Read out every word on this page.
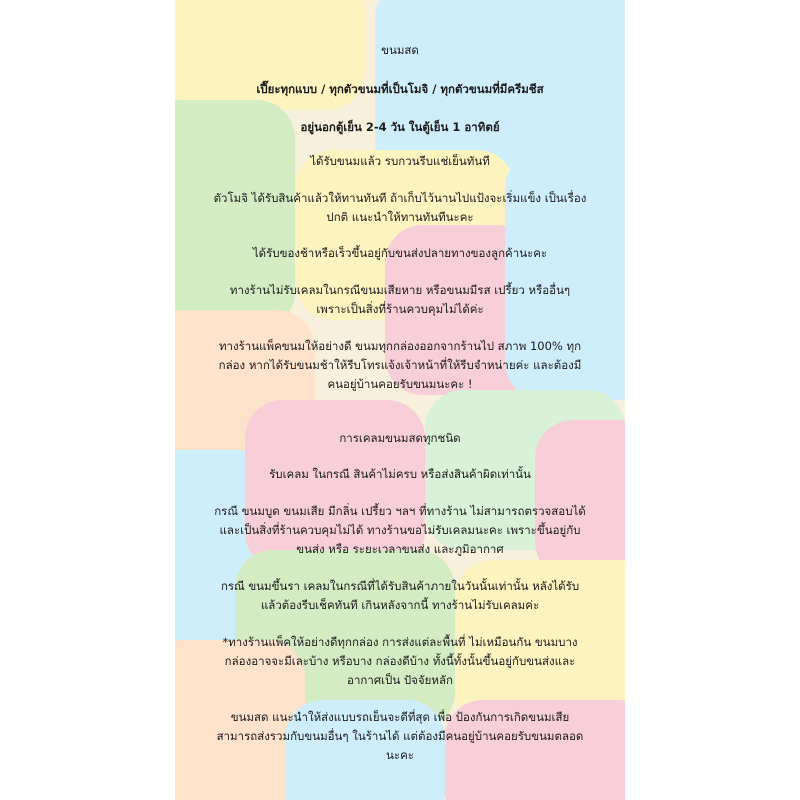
ขนมสด
เปี๊ยะทุกแบบ / ทุกตัวขนมที่เป็นโมจิ / ทุกตัวขนมที่มีครีมชีส
อยู่นอกตู้เย็น 2-4 วัน ในตู้เย็น 1 อาทิตย์
ได้รับขนมแล้ว รบกวนรีบแช่เย็นทันที
ตัวโมจิ ได้รับสินค้าแล้วให้ทานทันที ถ้าเก็บไว้นานไปแป้งจะเริ่มแข็ง เป็นเรื่อง
ปกติ แนะนำให้ทานทันทีนะคะ
ได้รับของช้าหรือเร็วขึ้นอยู่กับขนส่งปลายทางของลูกค้านะคะ
ทางร้านไม่รับเคลมในกรณีขนมเสียหาย หรือขนมมีรส เปรี้ยว หรืออื่นๆ
เพราะเป็นสิ่งที่ร้านควบคุมไม่ได้ค่ะ
ทางร้านแพ็คขนมให้อย่างดี ขนมทุกกล่องออกจากร้านไป สภาพ 100% ทุก
กล่อง หากได้รับขนมช้าให้รีบโทรแจ้งเจ้าหน้าที่ให้รีบจำหน่ายค่ะ และต้องมี
คนอยู่บ้านคอยรับขนมนะคะ !
การเคลมขนมสดทุกชนิด
รับเคลม ในกรณี สินค้าไม่ครบ หรือส่งสินค้าผิดเท่านั้น
กรณี ขนมบูด ขนมเสีย มีกลิ่น เปรี้ยว ฯลฯ ที่ทางร้าน ไม่สามารถตรวจสอบได้
และเป็นสิ่งที่ร้านควบคุมไม่ได้ ทางร้านขอไม่รับเคลมนะคะ เพราะขึ้นอยู่กับ
ขนส่ง หรือ ระยะเวลาขนส่ง และภูมิอากาศ
กรณี ขนมขึ้นรา เคลมในกรณีที่ได้รับสินค้าภายในวันนั้นเท่านั้น หลังได้รับ
แล้วต้องรีบเช็คทันที เกินหลังจากนี้ ทางร้านไม่รับเคลมค่ะ
*ทางร้านแพ็คให้อย่างดีทุกกล่อง การส่งแต่ละพื้นที่ ไม่เหมือนกัน ขนมบาง
กล่องอาจจะมีเละบ้าง หรือบาง กล่องดีบ้าง ทั้งนี้ทั้งนั้นขึ้นอยู่กับขนส่งและ
อากาศเป็น ปัจจัยหลัก
ขนมสด แนะนำให้ส่งแบบรถเย็นจะดีที่สุด เพื่อ ป้องกันการเกิดขนมเสีย
สามารถส่งรวมกับขนมอื่นๆ ในร้านได้ แต่ต้องมีคนอยู่บ้านคอยรับขนมตลอด
นะคะ
